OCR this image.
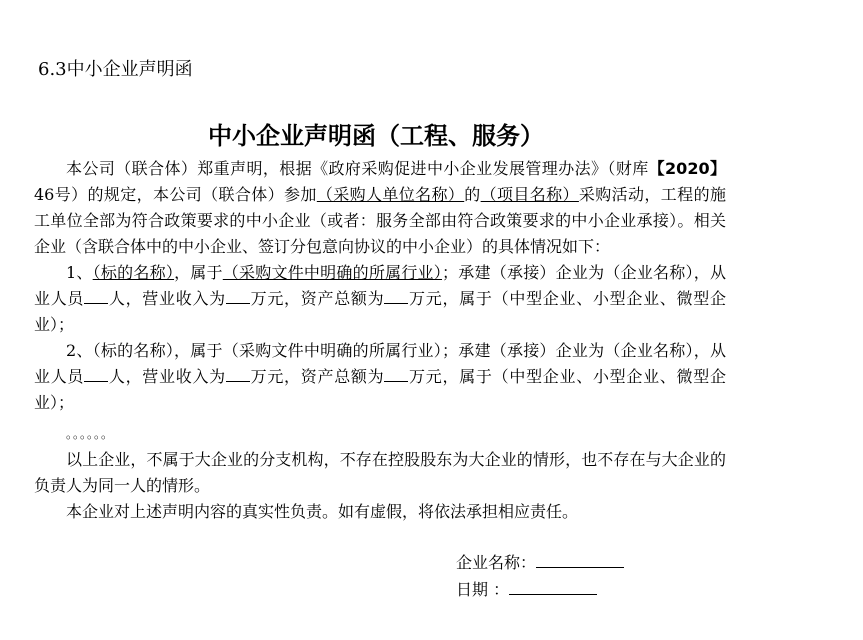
6.3中小企业声明函
中小企业声明函（工程、服务）

本公司（联合体）郑重声明，根据《政府采购促进中小企业发展管理办法》（财库【2020】46号）的规定，本公司（联合体）参加（采购人单位名称）的（项目名称）采购活动，工程的施工单位全部为符合政策要求的中小企业（或者：服务全部由符合政策要求的中小企业承接）。相关企业（含联合体中的中小企业、签订分包意向协议的中小企业）的具体情况如下：

1、（标的名称），属于（采购文件中明确的所属行业）；承建（承接）企业为（企业名称），从业人员 人，营业收入为 万元，资产总额为 万元，属于（中型企业、小型企业、微型企业）；

2、（标的名称），属于（采购文件中明确的所属行业）；承建（承接）企业为（企业名称），从业人员 人，营业收入为 万元，资产总额为 万元，属于（中型企业、小型企业、微型企业）；

。。。。。。

以上企业，不属于大企业的分支机构，不存在控股股东为大企业的情形，也不存在与大企业的负责人为同一人的情形。

本企业对上述声明内容的真实性负责。如有虚假，将依法承担相应责任。

企业名称：
日期 ：
